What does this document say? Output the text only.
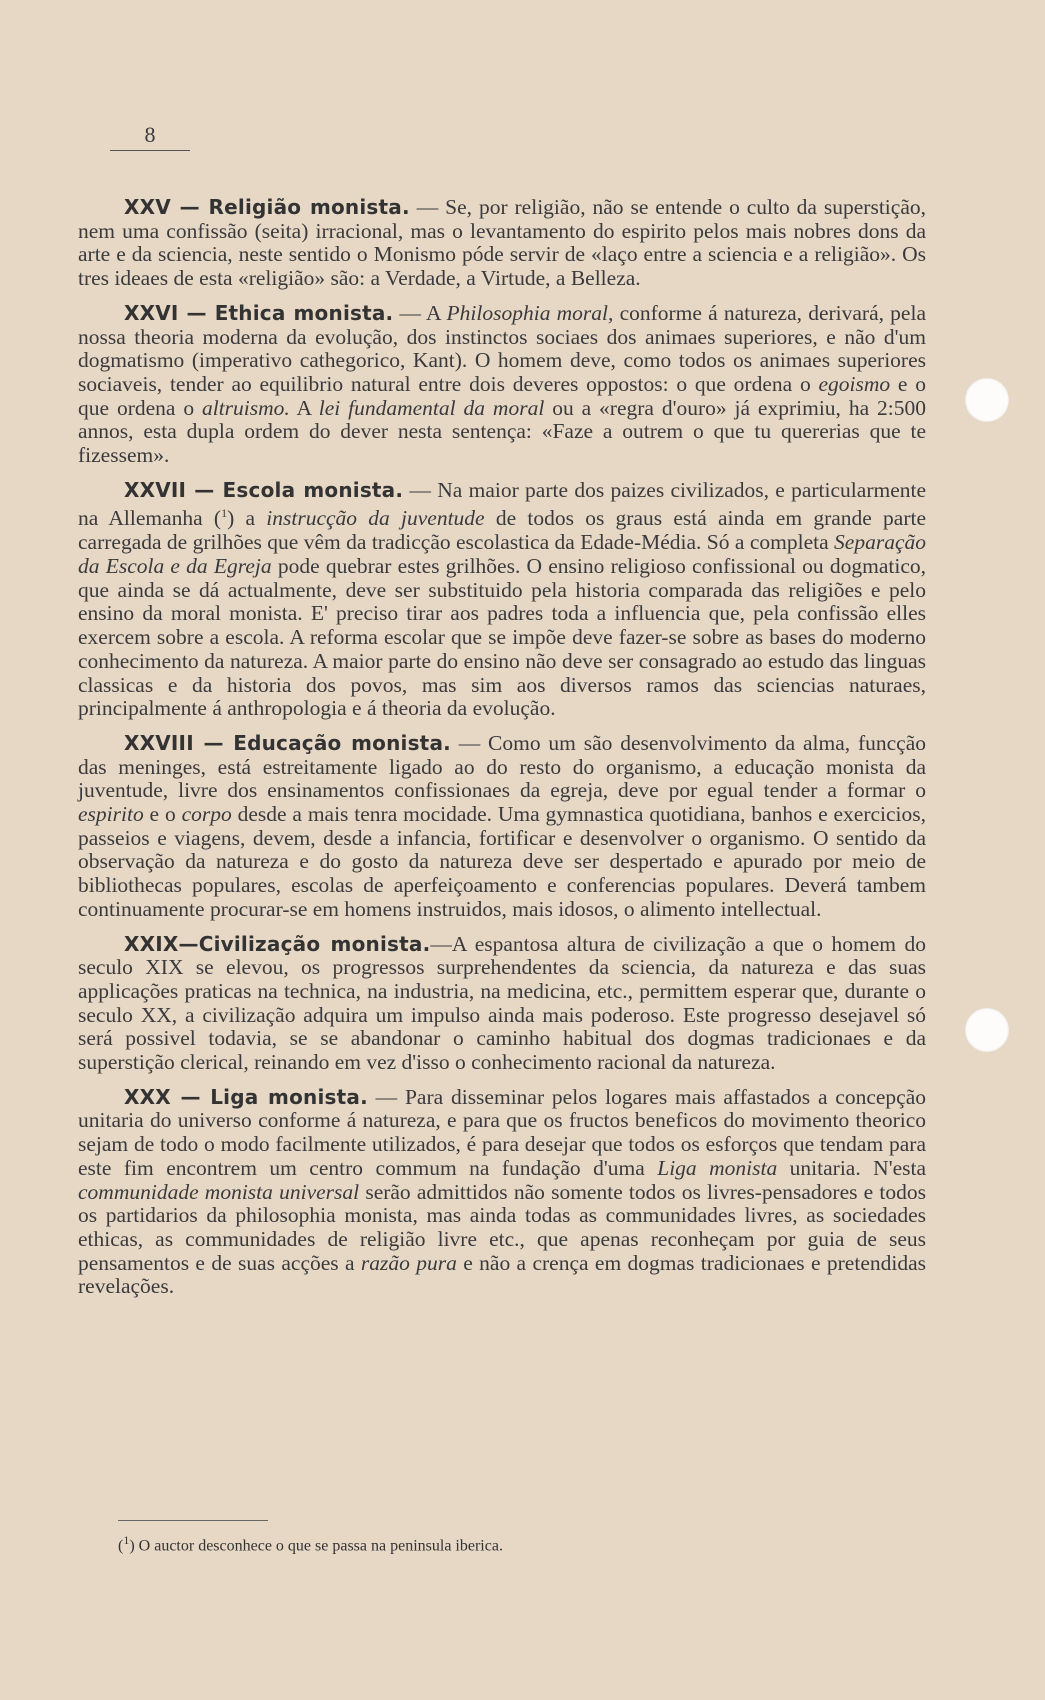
8

XXV — Religião monista. — Se, por religião, não se entende o culto da superstição, nem uma confissão (seita) irracional, mas o levantamento do espirito pelos mais nobres dons da arte e da sciencia, neste sentido o Monismo póde servir de «laço entre a sciencia e a religião». Os tres ideaes de esta «religião» são: a Verdade, a Virtude, a Belleza.

XXVI — Ethica monista. — A Philosophia moral, conforme á natureza, derivará, pela nossa theoria moderna da evolução, dos instinctos sociaes dos animaes superiores, e não d'um dogmatismo (imperativo cathegorico, Kant). O homem deve, como todos os animaes superiores sociaveis, tender ao equilibrio natural entre dois deveres oppostos: o que ordena o egoismo e o que ordena o altruismo. A lei fundamental da moral ou a «regra d'ouro» já exprimiu, ha 2:500 annos, esta dupla ordem do dever nesta sentença: «Faze a outrem o que tu quererias que te fizessem».

XXVII — Escola monista. — Na maior parte dos paizes civilizados, e particularmente na Allemanha ($^1$) a instrucção da juventude de todos os graus está ainda em grande parte carregada de grilhões que vêm da tradicção escolastica da Edade-Média. Só a completa Separação da Escola e da Egreja pode quebrar estes grilhões. O ensino religioso confissional ou dogmatico, que ainda se dá actualmente, deve ser substituido pela historia comparada das religiões e pelo ensino da moral monista. E' preciso tirar aos padres toda a influencia que, pela confissão elles exercem sobre a escola. A reforma escolar que se impõe deve fazer-se sobre as bases do moderno conhecimento da natureza. A maior parte do ensino não deve ser consagrado ao estudo das linguas classicas e da historia dos povos, mas sim aos diversos ramos das sciencias naturaes, principalmente á anthropologia e á theoria da evolução.

XXVIII — Educação monista. — Como um são desenvolvimento da alma, funcção das meninges, está estreitamente ligado ao do resto do organismo, a educação monista da juventude, livre dos ensinamentos confissionaes da egreja, deve por egual tender a formar o espirito e o corpo desde a mais tenra mocidade. Uma gymnastica quotidiana, banhos e exercicios, passeios e viagens, devem, desde a infancia, fortificar e desenvolver o organismo. O sentido da observação da natureza e do gosto da natureza deve ser despertado e apurado por meio de bibliothecas populares, escolas de aperfeiçoamento e conferencias populares. Deverá tambem continuamente procurar-se em homens instruidos, mais idosos, o alimento intellectual.

XXIX—Civilização monista.—A espantosa altura de civilização a que o homem do seculo XIX se elevou, os progressos surprehendentes da sciencia, da natureza e das suas applicações praticas na technica, na industria, na medicina, etc., permittem esperar que, durante o seculo XX, a civilização adquira um impulso ainda mais poderoso. Este progresso desejavel só será possivel todavia, se se abandonar o caminho habitual dos dogmas tradicionaes e da superstição clerical, reinando em vez d'isso o conhecimento racional da natureza.

XXX — Liga monista. — Para disseminar pelos logares mais affastados a concepção unitaria do universo conforme á natureza, e para que os fructos beneficos do movimento theorico sejam de todo o modo facilmente utilizados, é para desejar que todos os esforços que tendam para este fim encontrem um centro commum na fundação d'uma Liga monista unitaria. N'esta communidade monista universal serão admittidos não somente todos os livres-pensadores e todos os partidarios da philosophia monista, mas ainda todas as communidades livres, as sociedades ethicas, as communidades de religião livre etc., que apenas reconheçam por guia de seus pensamentos e de suas acções a razão pura e não a crença em dogmas tradicionaes e pretendidas revelações.

($^1$) O auctor desconhece o que se passa na peninsula iberica.
